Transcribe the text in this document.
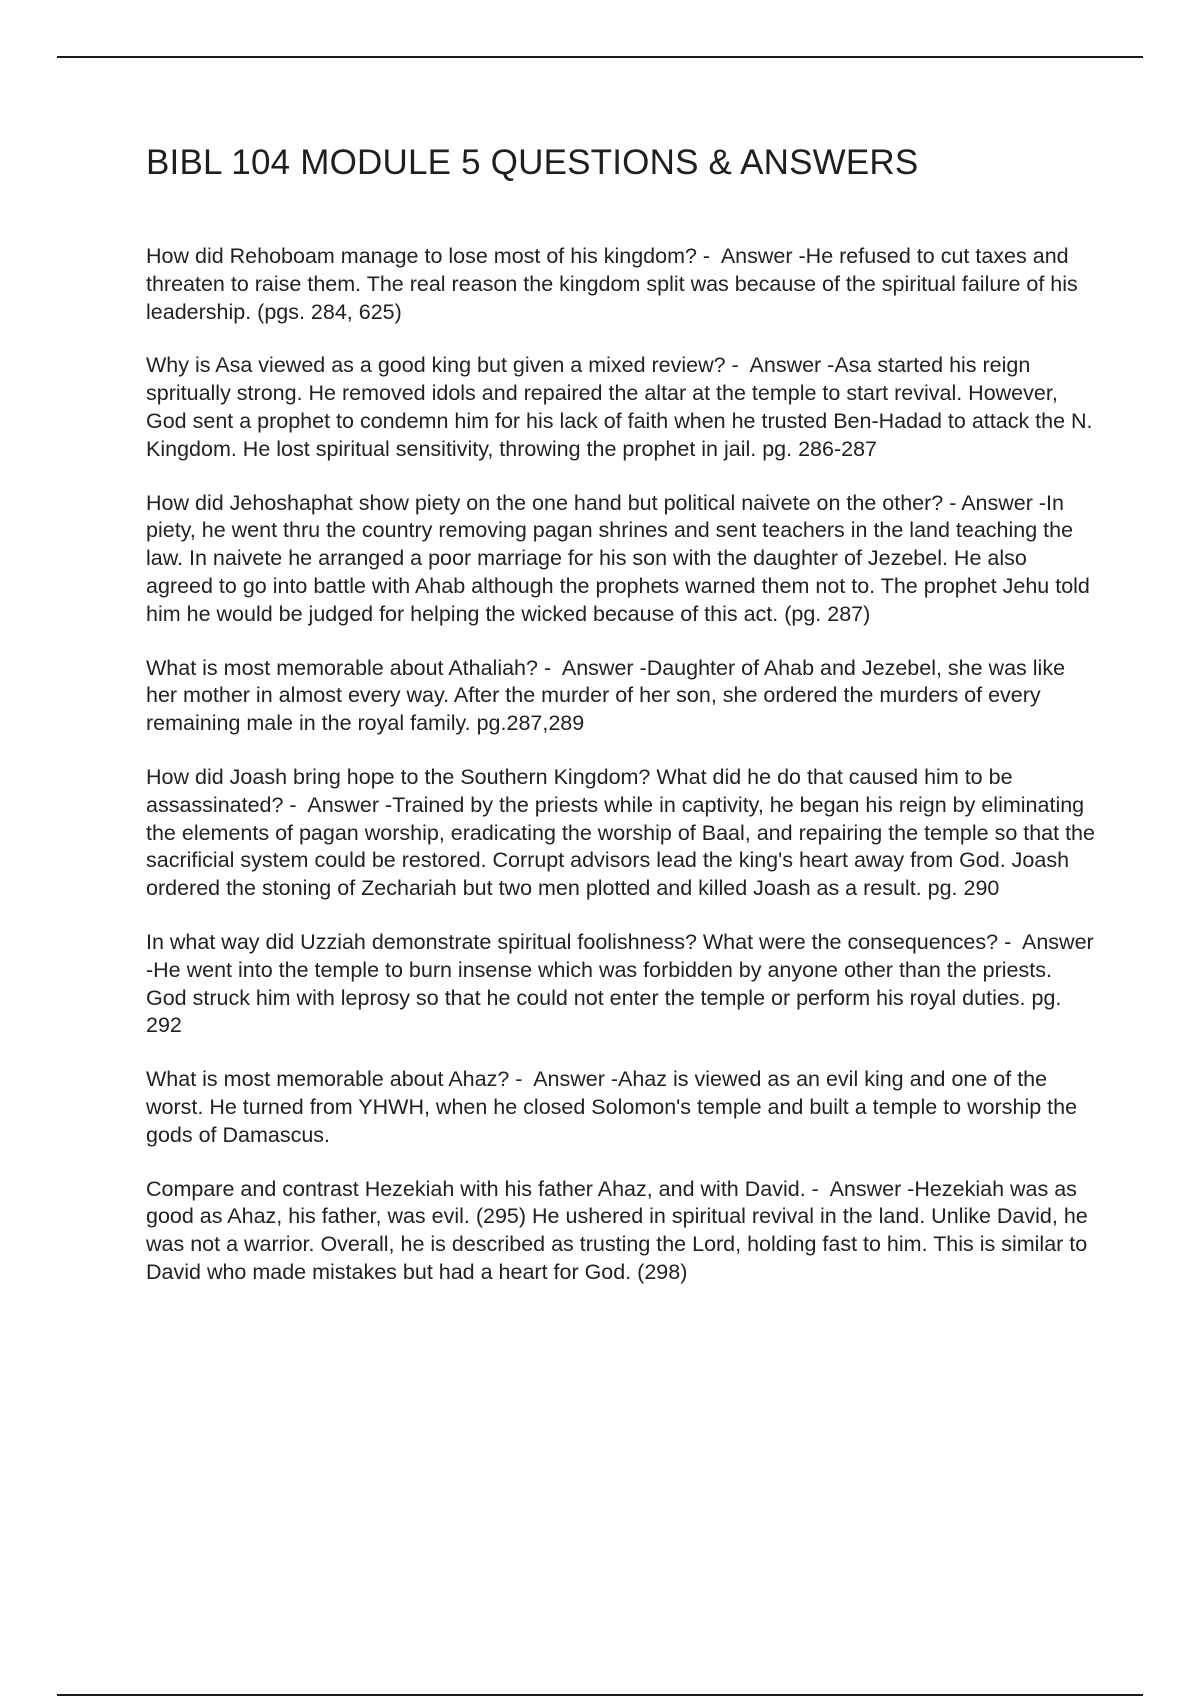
BIBL 104 MODULE 5 QUESTIONS & ANSWERS

How did Rehoboam manage to lose most of his kingdom? - Answer -He refused to cut taxes and threaten to raise them. The real reason the kingdom split was because of the spiritual failure of his leadership. (pgs. 284, 625)

Why is Asa viewed as a good king but given a mixed review? - Answer -Asa started his reign spritually strong. He removed idols and repaired the altar at the temple to start revival. However, God sent a prophet to condemn him for his lack of faith when he trusted Ben-Hadad to attack the N. Kingdom. He lost spiritual sensitivity, throwing the prophet in jail. pg. 286-287

How did Jehoshaphat show piety on the one hand but political naivete on the other? - Answer -In piety, he went thru the country removing pagan shrines and sent teachers in the land teaching the law. In naivete he arranged a poor marriage for his son with the daughter of Jezebel. He also agreed to go into battle with Ahab although the prophets warned them not to. The prophet Jehu told him he would be judged for helping the wicked because of this act. (pg. 287)

What is most memorable about Athaliah? - Answer -Daughter of Ahab and Jezebel, she was like her mother in almost every way. After the murder of her son, she ordered the murders of every remaining male in the royal family. pg.287,289

How did Joash bring hope to the Southern Kingdom? What did he do that caused him to be assassinated? - Answer -Trained by the priests while in captivity, he began his reign by eliminating the elements of pagan worship, eradicating the worship of Baal, and repairing the temple so that the sacrificial system could be restored. Corrupt advisors lead the king's heart away from God. Joash ordered the stoning of Zechariah but two men plotted and killed Joash as a result. pg. 290

In what way did Uzziah demonstrate spiritual foolishness? What were the consequences? - Answer -He went into the temple to burn insense which was forbidden by anyone other than the priests. God struck him with leprosy so that he could not enter the temple or perform his royal duties. pg. 292

What is most memorable about Ahaz? - Answer -Ahaz is viewed as an evil king and one of the worst. He turned from YHWH, when he closed Solomon's temple and built a temple to worship the gods of Damascus.

Compare and contrast Hezekiah with his father Ahaz, and with David. - Answer -Hezekiah was as good as Ahaz, his father, was evil. (295) He ushered in spiritual revival in the land. Unlike David, he was not a warrior. Overall, he is described as trusting the Lord, holding fast to him. This is similar to David who made mistakes but had a heart for God. (298)
